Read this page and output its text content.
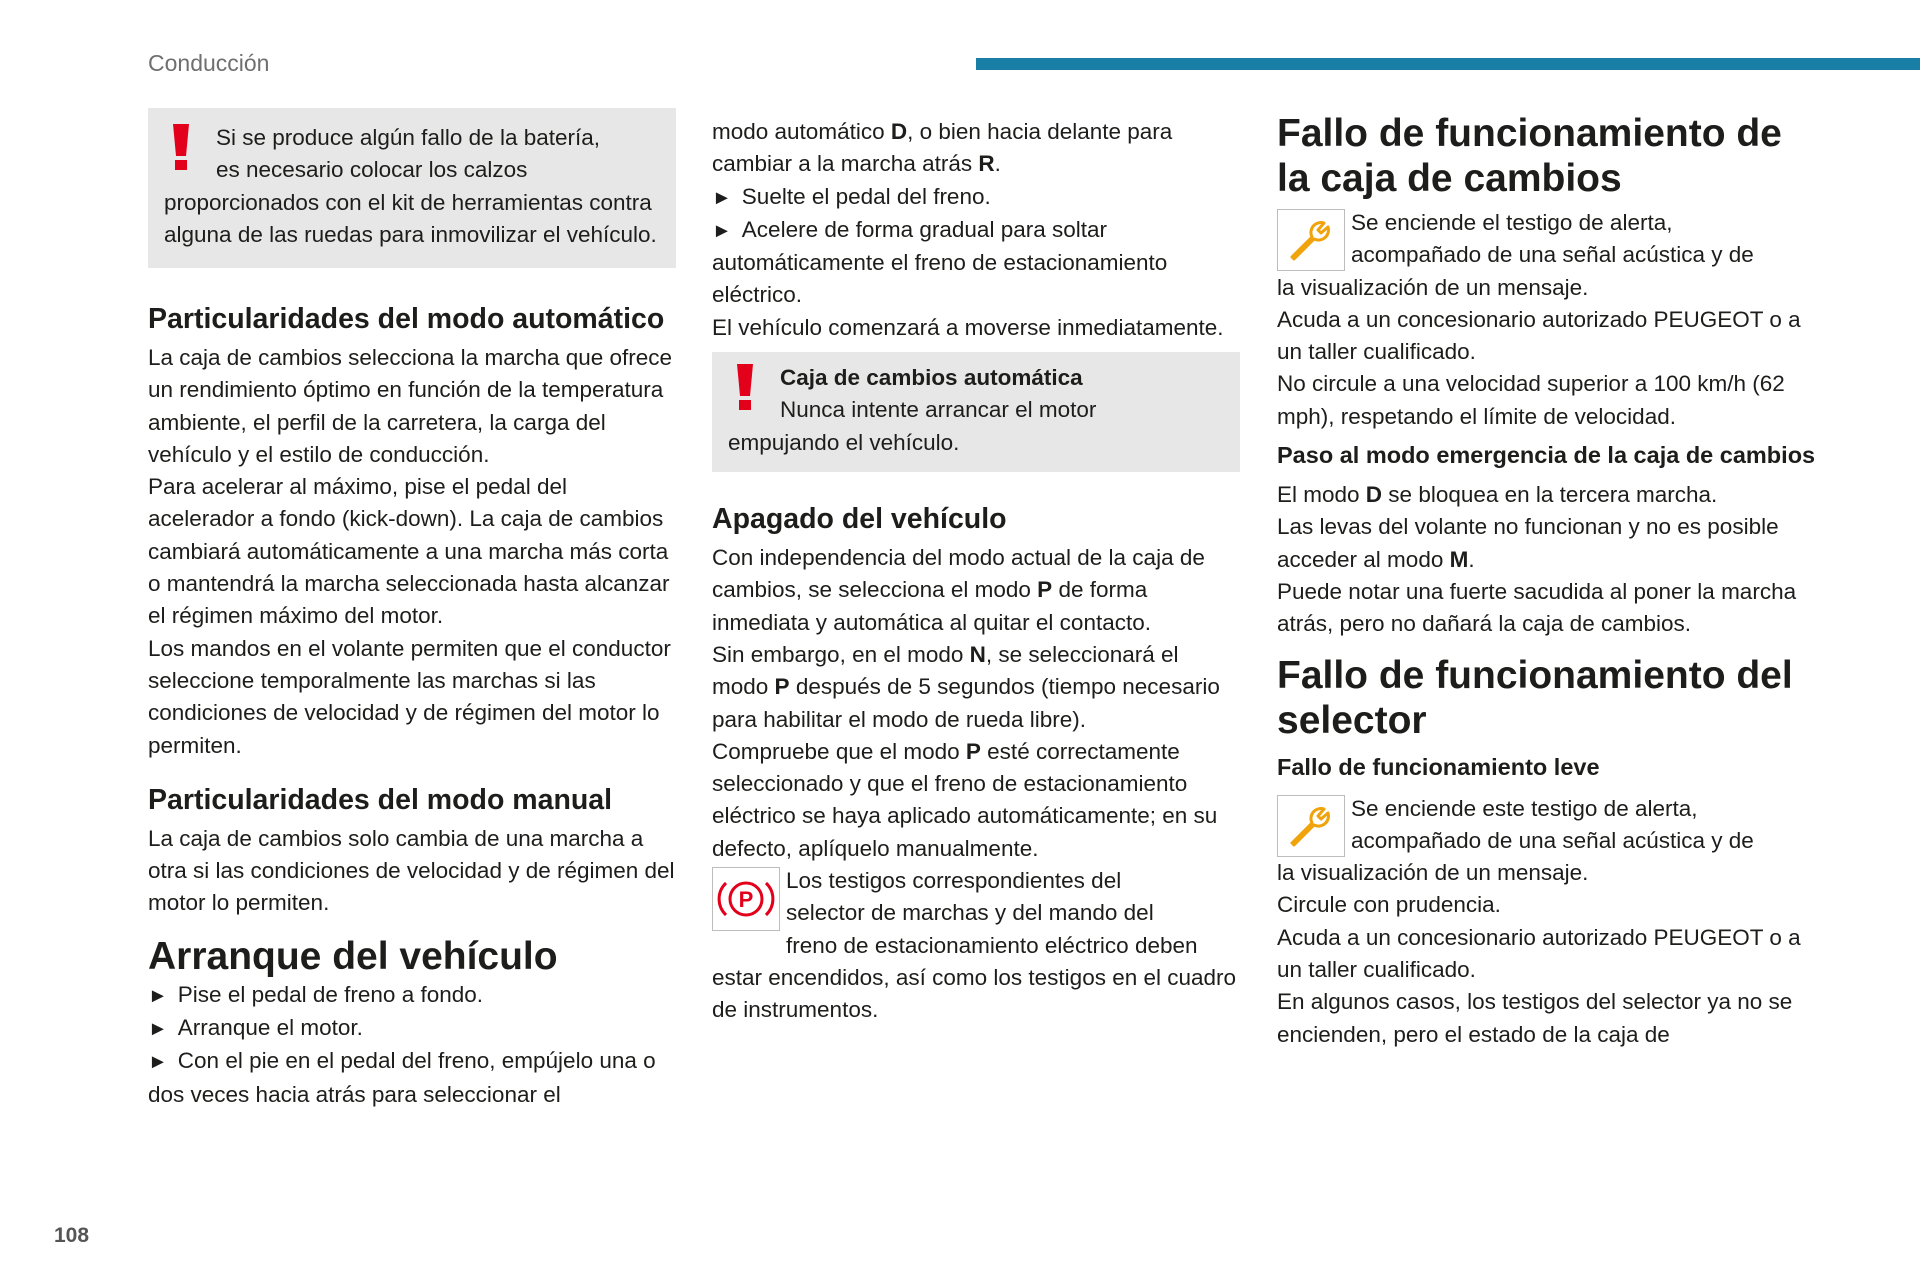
Conducción

Si se produce algún fallo de la batería,
es necesario colocar los calzos

proporcionados con el kit de herramientas contra alguna de las ruedas para inmovilizar el vehículo.

Particularidades del modo automático

La caja de cambios selecciona la marcha que ofrece un rendimiento óptimo en función de la temperatura ambiente, el perfil de la carretera, la carga del vehículo y el estilo de conducción.

Para acelerar al máximo, pise el pedal del acelerador a fondo (kick-down). La caja de cambios cambiará automáticamente a una marcha más corta o mantendrá la marcha seleccionada hasta alcanzar el régimen máximo del motor.

Los mandos en el volante permiten que el conductor seleccione temporalmente las marchas si las condiciones de velocidad y de régimen del motor lo permiten.

Particularidades del modo manual

La caja de cambios solo cambia de una marcha a otra si las condiciones de velocidad y de régimen del motor lo permiten.

Arranque del vehículo

► Pise el pedal de freno a fondo.

► Arranque el motor.

► Con el pie en el pedal del freno, empújelo una o dos veces hacia atrás para seleccionar el

modo automático D, o bien hacia delante para cambiar a la marcha atrás R.

► Suelte el pedal del freno.

► Acelere de forma gradual para soltar automáticamente el freno de estacionamiento eléctrico.

El vehículo comenzará a moverse inmediatamente.

Caja de cambios automática

Nunca intente arrancar el motor

empujando el vehículo.

Apagado del vehículo

Con independencia del modo actual de la caja de cambios, se selecciona el modo P de forma inmediata y automática al quitar el contacto.

Sin embargo, en el modo N, se seleccionará el modo P después de 5 segundos (tiempo necesario para habilitar el modo de rueda libre).

Compruebe que el modo P esté correctamente seleccionado y que el freno de estacionamiento eléctrico se haya aplicado automáticamente; en su defecto, aplíquelo manualmente.

P

Los testigos correspondientes del
selector de marchas y del mando del

freno de estacionamiento eléctrico deben estar encendidos, así como los testigos en el cuadro de instrumentos.

Fallo de funcionamiento de la caja de cambios

Se enciende el testigo de alerta,
acompañado de una señal acústica y de

la visualización de un mensaje.

Acuda a un concesionario autorizado PEUGEOT o a un taller cualificado.

No circule a una velocidad superior a 100 km/h (62 mph), respetando el límite de velocidad.

Paso al modo emergencia de la caja de cambios

El modo D se bloquea en la tercera marcha.

Las levas del volante no funcionan y no es posible acceder al modo M.

Puede notar una fuerte sacudida al poner la marcha atrás, pero no dañará la caja de cambios.

Fallo de funcionamiento del selector
Fallo de funcionamiento leve

Se enciende este testigo de alerta,
acompañado de una señal acústica y de

la visualización de un mensaje.

Circule con prudencia.

Acuda a un concesionario autorizado PEUGEOT o a un taller cualificado.

En algunos casos, los testigos del selector ya no se encienden, pero el estado de la caja de

108
